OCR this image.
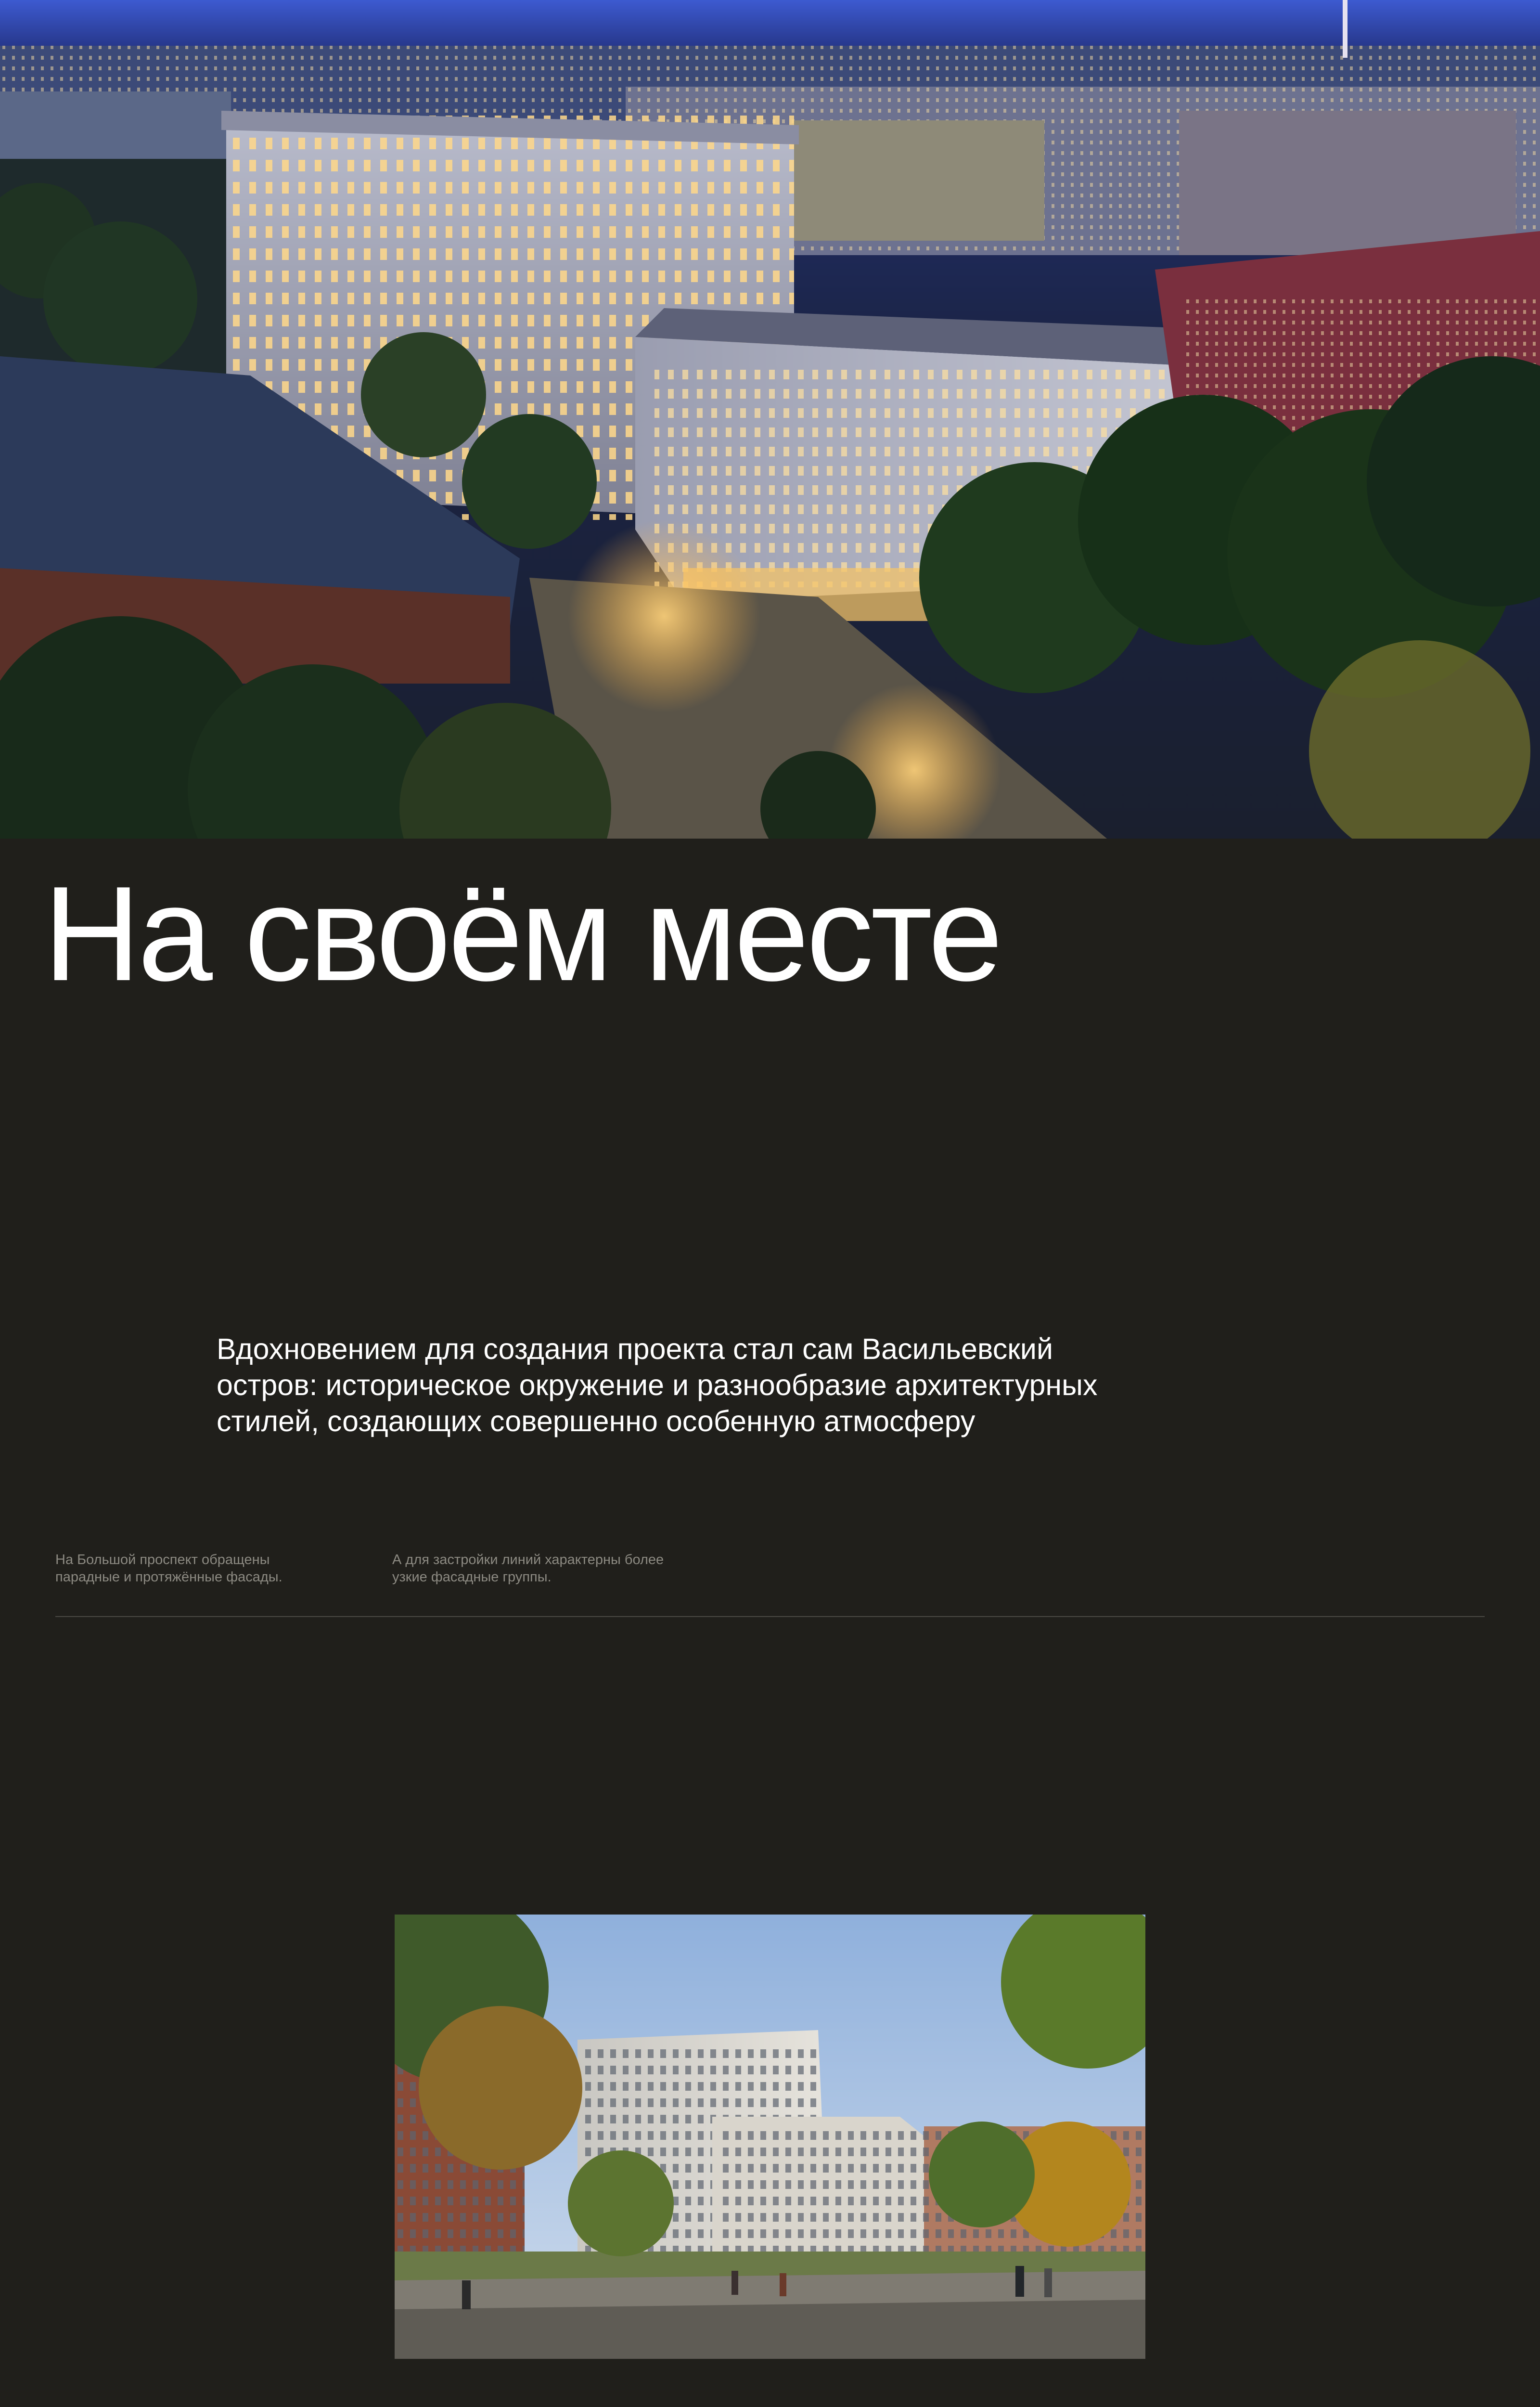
На своём месте

Вдохновением для создания проекта стал сам Васильевский остров: историческое окружение и разнообразие архитектурных стилей, создающих совершенно особенную атмосферу

На Большой проспект обращены парадные и протяжённые фасады.

А для застройки линий характерны более узкие фасадные группы.
